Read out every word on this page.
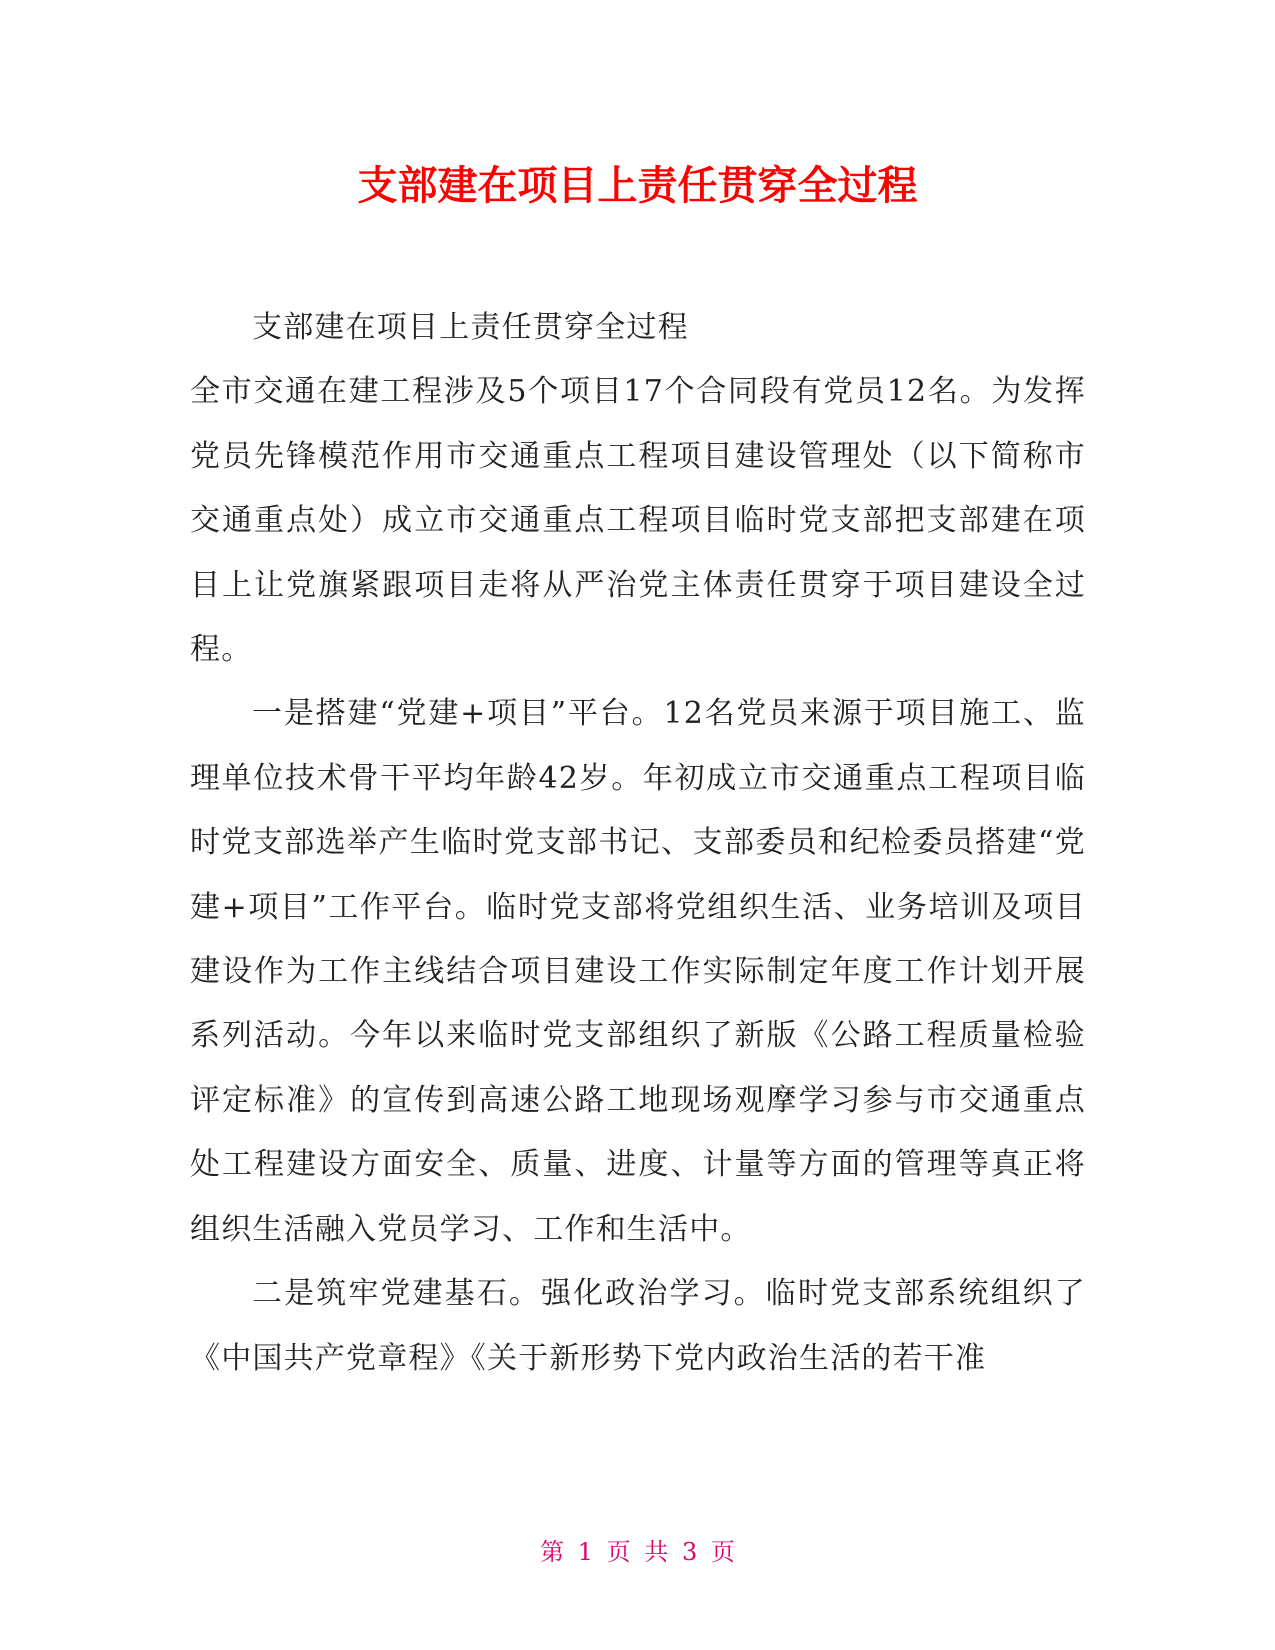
支部建在项目上责任贯穿全过程

支部建在项目上责任贯穿全过程

全市交通在建工程涉及5个项目17个合同段有党员12名。为发挥党员先锋模范作用市交通重点工程项目建设管理处（以下简称市交通重点处）成立市交通重点工程项目临时党支部把支部建在项目上让党旗紧跟项目走将从严治党主体责任贯穿于项目建设全过程。

一是搭建“党建+项目”平台。12名党员来源于项目施工、监理单位技术骨干平均年龄42岁。年初成立市交通重点工程项目临时党支部选举产生临时党支部书记、支部委员和纪检委员搭建“党建+项目”工作平台。临时党支部将党组织生活、业务培训及项目建设作为工作主线结合项目建设工作实际制定年度工作计划开展系列活动。今年以来临时党支部组织了新版《公路工程质量检验评定标准》的宣传到高速公路工地现场观摩学习参与市交通重点处工程建设方面安全、质量、进度、计量等方面的管理等真正将组织生活融入党员学习、工作和生活中。

二是筑牢党建基石。强化政治学习。临时党支部系统组织了《中国共产党章程》《关于新形势下党内政治生活的若干准

第 1 页 共 3 页
